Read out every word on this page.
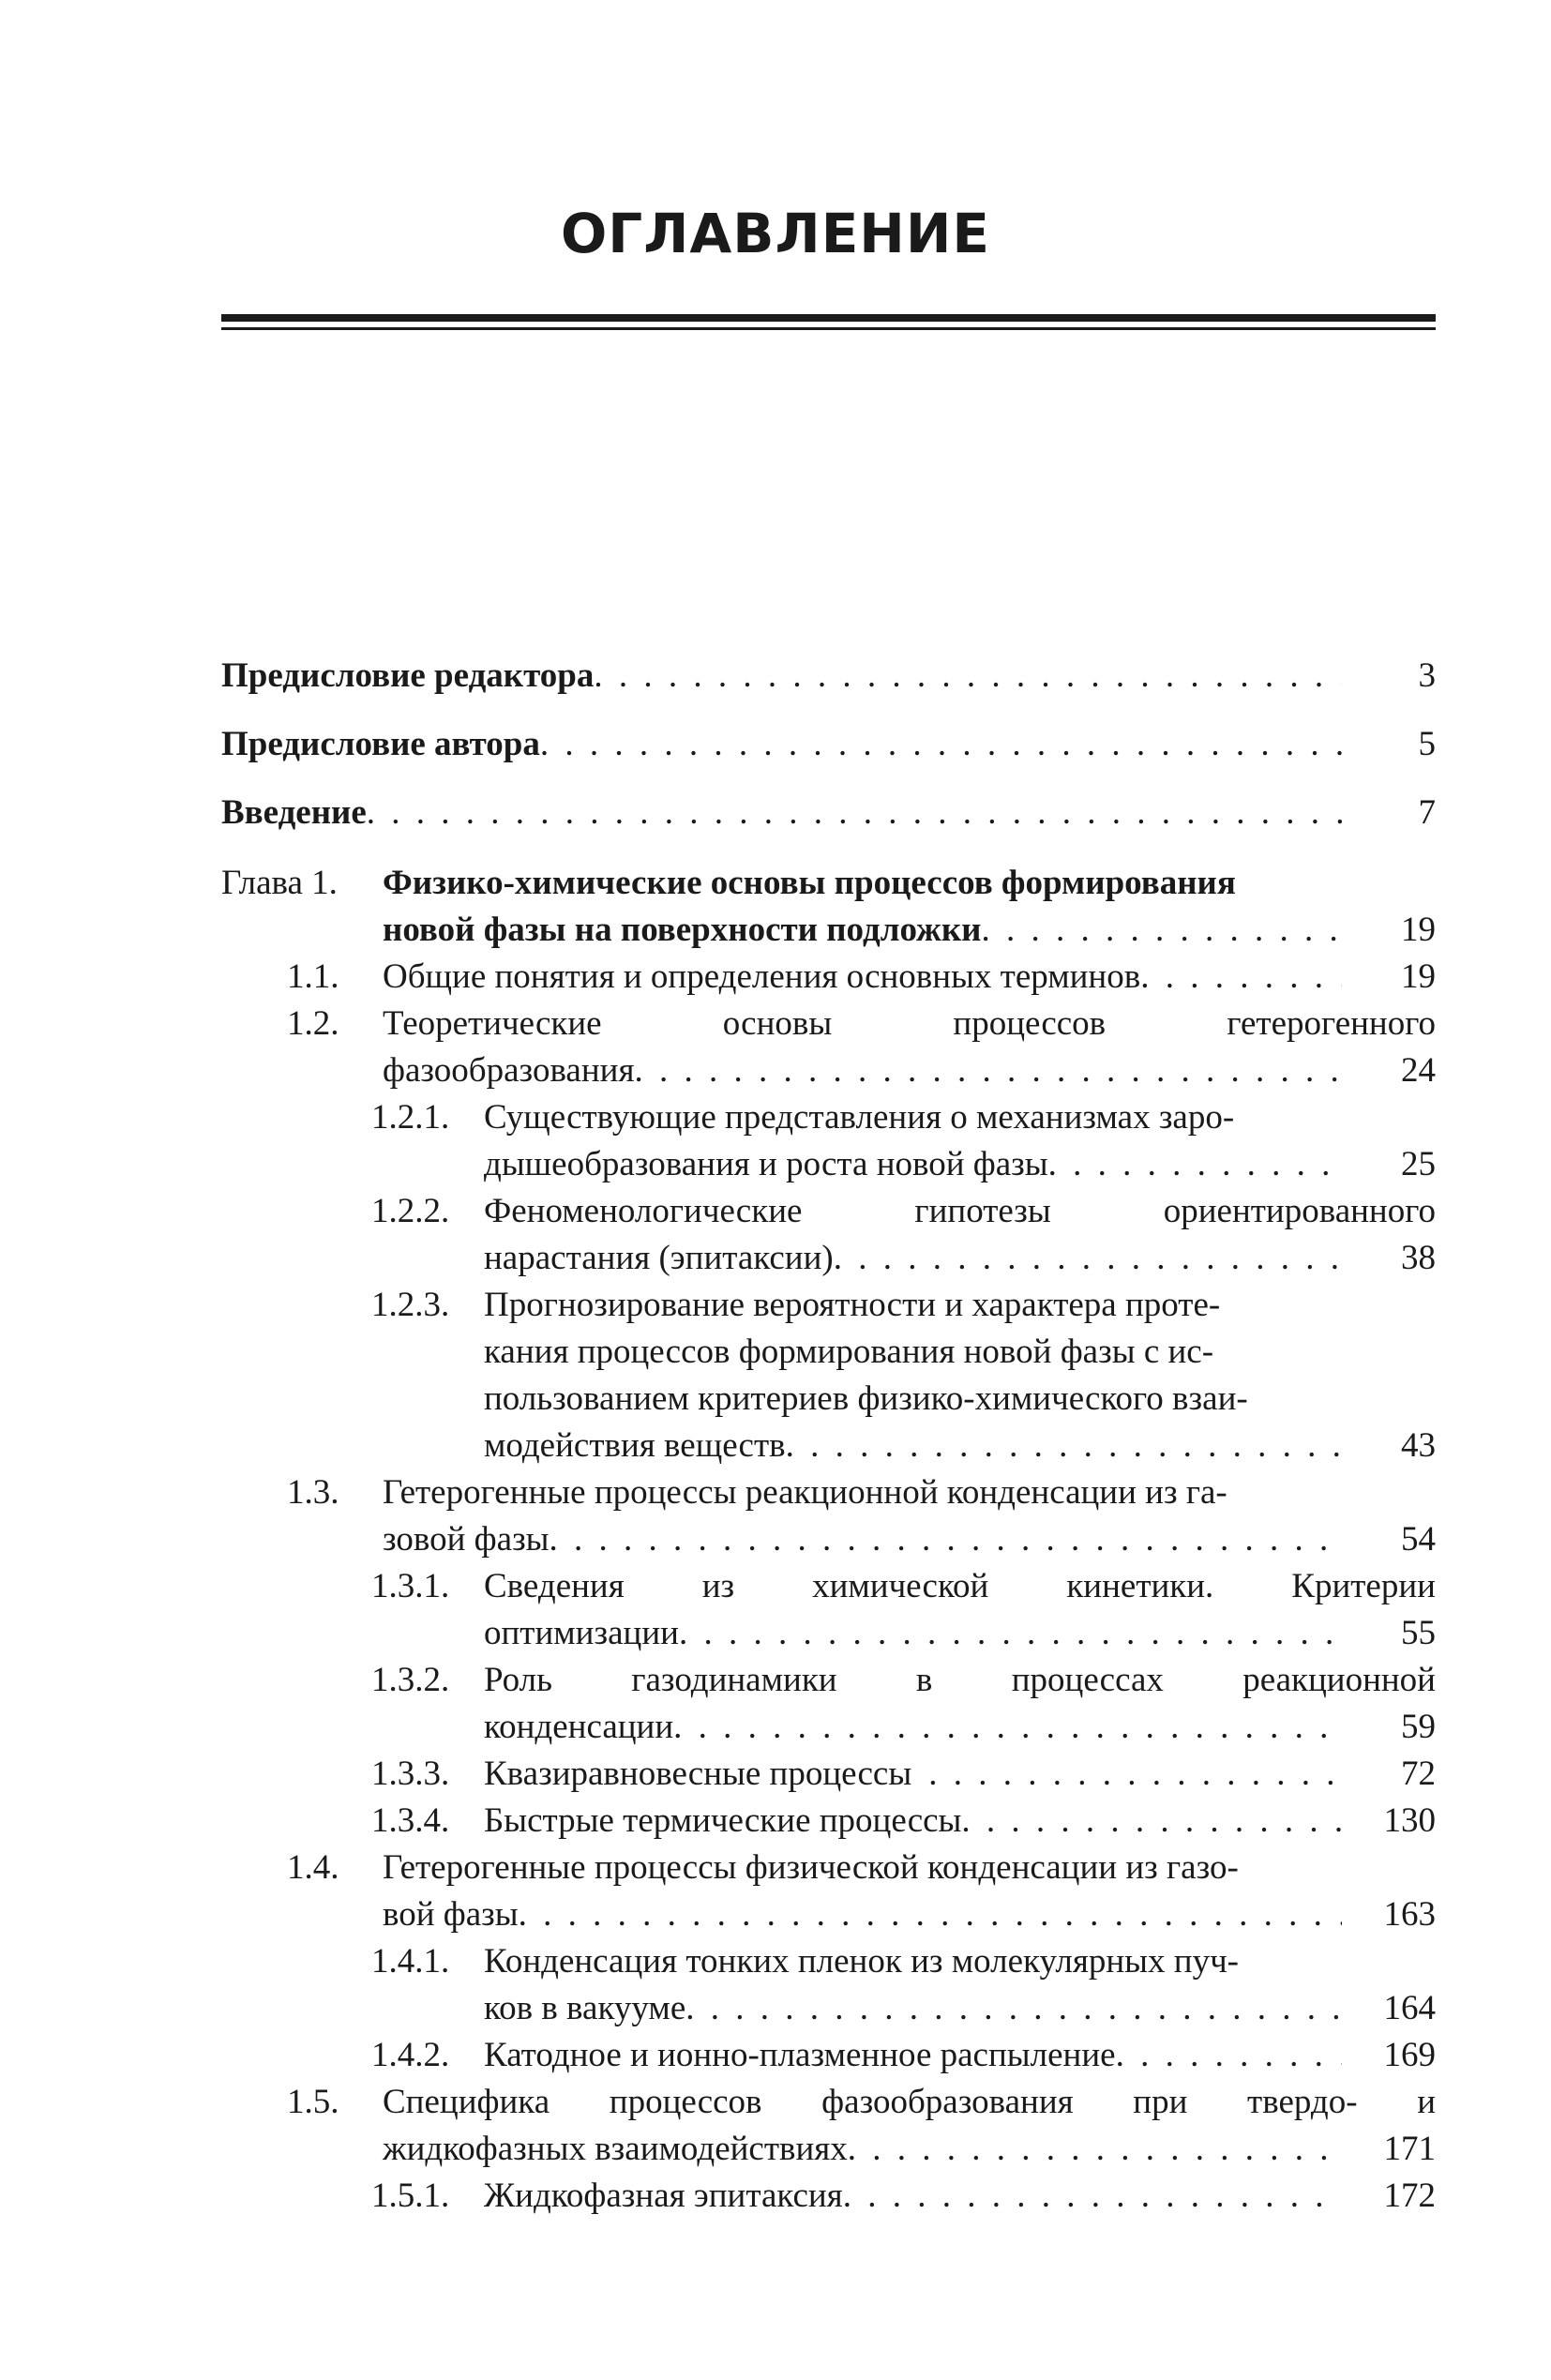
ОГЛАВЛЕНИЕ
Предисловие редактора . . .	3
Предисловие автора . . .	5
Введение . . .	7
Глава 1. Физико-химические основы процессов формирования
новой фазы на поверхности подложки . . .	19
1.1. Общие понятия и определения основных терминов . . .	19
1.2. Теоретические	основы	процессов	гетерогенного
фазообразования . . .	24
1.2.1. Существующие представления о механизмах заро-
дышеобразования и роста новой фазы . . .	25
1.2.2. Феноменологические	гипотезы	ориентированного
нарастания (эпитаксии) . . .	38
1.2.3. Прогнозирование вероятности и характера проте-
кания процессов формирования новой фазы с ис-
пользованием критериев физико-химического взаи-
модействия веществ . . .	43
1.3. Гетерогенные процессы реакционной конденсации из га-
зовой фазы . . .	54
1.3.1. Сведения из химической кинетики. Критерии
оптимизации . . .	55
1.3.2. Роль газодинамики в процессах реакционной
конденсации . . .	59
1.3.3. Квазиравновесные процессы . . .	72
1.3.4. Быстрые термические процессы . . .	130
1.4. Гетерогенные процессы физической конденсации из газо-
вой фазы . . .	163
1.4.1. Конденсация тонких пленок из молекулярных пуч-
ков в вакууме . . .	164
1.4.2. Катодное и ионно-плазменное распыление . . .	169
1.5. Специфика процессов фазообразования при твердо- и
жидкофазных взаимодействиях . . .	171
1.5.1. Жидкофазная эпитаксия . . .	172
